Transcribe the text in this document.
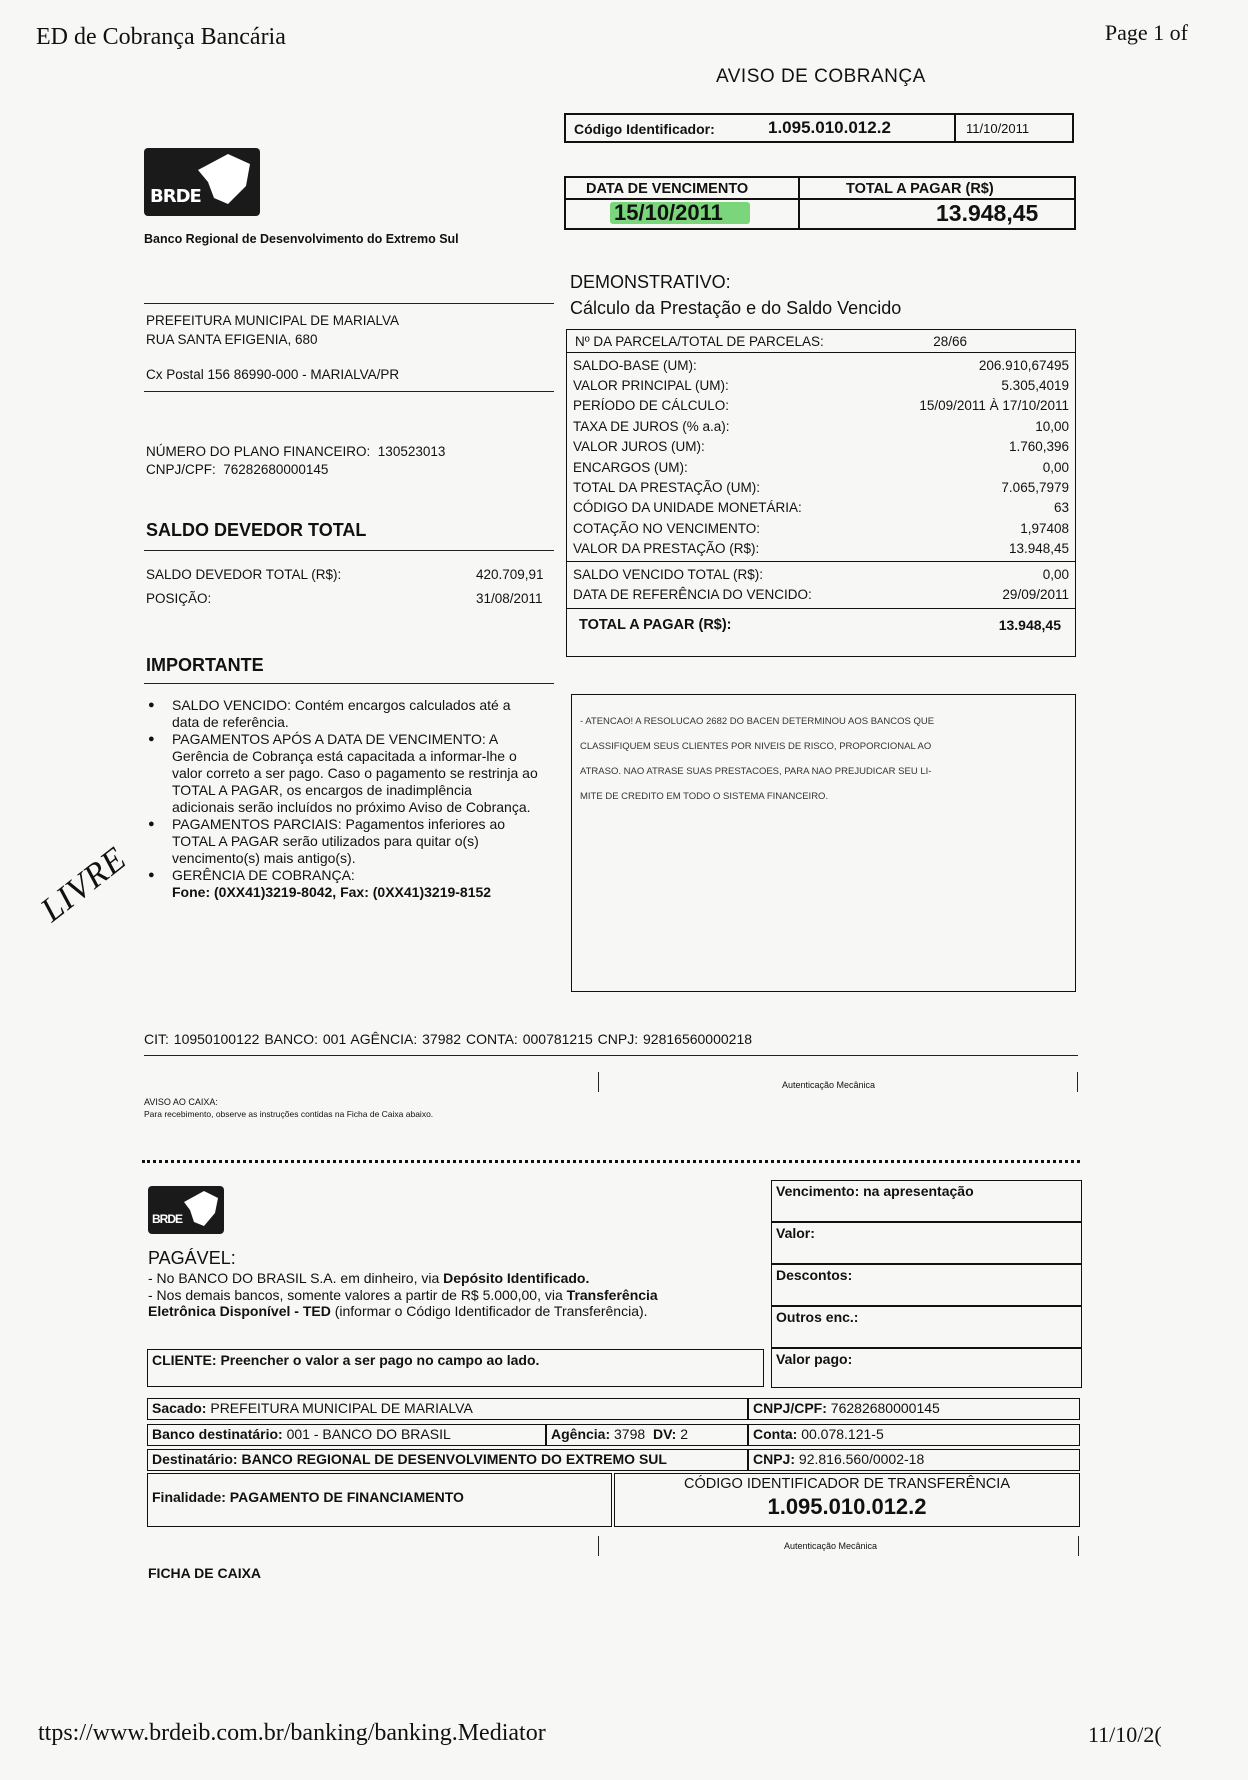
ED de Cobrança Bancária	Page 1 of
AVISO DE COBRANÇA
Código Identificador:	1.095.010.012.2	11/10/2011
DATA DE VENCIMENTO	TOTAL A PAGAR (R$)
15/10/2011	13.948,45
BRDE
Banco Regional de Desenvolvimento do Extremo Sul
DEMONSTRATIVO:
Cálculo da Prestação e do Saldo Vencido
PREFEITURA MUNICIPAL DE MARIALVA
RUA SANTA EFIGENIA, 680
Cx Postal 156 86990-000 - MARIALVA/PR
NÚMERO DO PLANO FINANCEIRO: 130523013
CNPJ/CPF: 76282680000145
SALDO DEVEDOR TOTAL
SALDO DEVEDOR TOTAL (R$):	420.709,91
POSIÇÃO:	31/08/2011
IMPORTANTE
● SALDO VENCIDO: Contém encargos calculados até a data de referência.
● PAGAMENTOS APÓS A DATA DE VENCIMENTO: A Gerência de Cobrança está capacitada a informar-lhe o valor correto a ser pago. Caso o pagamento se restrinja ao TOTAL A PAGAR, os encargos de inadimplência adicionais serão incluídos no próximo Aviso de Cobrança.
● PAGAMENTOS PARCIAIS: Pagamentos inferiores ao TOTAL A PAGAR serão utilizados para quitar o(s) vencimento(s) mais antigo(s).
● GERÊNCIA DE COBRANÇA:
Fone: (0XX41)3219-8042, Fax: (0XX41)3219-8152
LIVRE
Nº DA PARCELA/TOTAL DE PARCELAS:	28/66
SALDO-BASE (UM):	206.910,67495
VALOR PRINCIPAL (UM):	5.305,4019
PERÍODO DE CÁLCULO:	15/09/2011 À 17/10/2011
TAXA DE JUROS (% a.a):	10,00
VALOR JUROS (UM):	1.760,396
ENCARGOS (UM):	0,00
TOTAL DA PRESTAÇÃO (UM):	7.065,7979
CÓDIGO DA UNIDADE MONETÁRIA:	63
COTAÇÃO NO VENCIMENTO:	1,97408
VALOR DA PRESTAÇÃO (R$):	13.948,45
SALDO VENCIDO TOTAL (R$):	0,00
DATA DE REFERÊNCIA DO VENCIDO:	29/09/2011
TOTAL A PAGAR (R$):	13.948,45
- ATENCAO! A RESOLUCAO 2682 DO BACEN DETERMINOU AOS BANCOS QUE
CLASSIFIQUEM SEUS CLIENTES POR NIVEIS DE RISCO, PROPORCIONAL AO
ATRASO. NAO ATRASE SUAS PRESTACOES, PARA NAO PREJUDICAR SEU LI-
MITE DE CREDITO EM TODO O SISTEMA FINANCEIRO.
CIT: 10950100122 BANCO: 001 AGÊNCIA: 37982 CONTA: 000781215 CNPJ: 92816560000218
Autenticação Mecânica
AVISO AO CAIXA:
Para recebimento, observe as instruções contidas na Ficha de Caixa abaixo.
BRDE
PAGÁVEL:
- No BANCO DO BRASIL S.A. em dinheiro, via Depósito Identificado.
- Nos demais bancos, somente valores a partir de R$ 5.000,00, via Transferência
Eletrônica Disponível - TED (informar o Código Identificador de Transferência).
CLIENTE: Preencher o valor a ser pago no campo ao lado.
Vencimento: na apresentação
Valor:
Descontos:
Outros enc.:
Valor pago:
Sacado: PREFEITURA MUNICIPAL DE MARIALVA	CNPJ/CPF: 76282680000145
Banco destinatário: 001 - BANCO DO BRASIL	Agência: 3798 DV: 2	Conta: 00.078.121-5
Destinatário: BANCO REGIONAL DE DESENVOLVIMENTO DO EXTREMO SUL	CNPJ: 92.816.560/0002-18
Finalidade: PAGAMENTO DE FINANCIAMENTO
CÓDIGO IDENTIFICADOR DE TRANSFERÊNCIA
1.095.010.012.2
Autenticação Mecânica
FICHA DE CAIXA
ttps://www.brdeib.com.br/banking/banking.Mediator	11/10/2(
